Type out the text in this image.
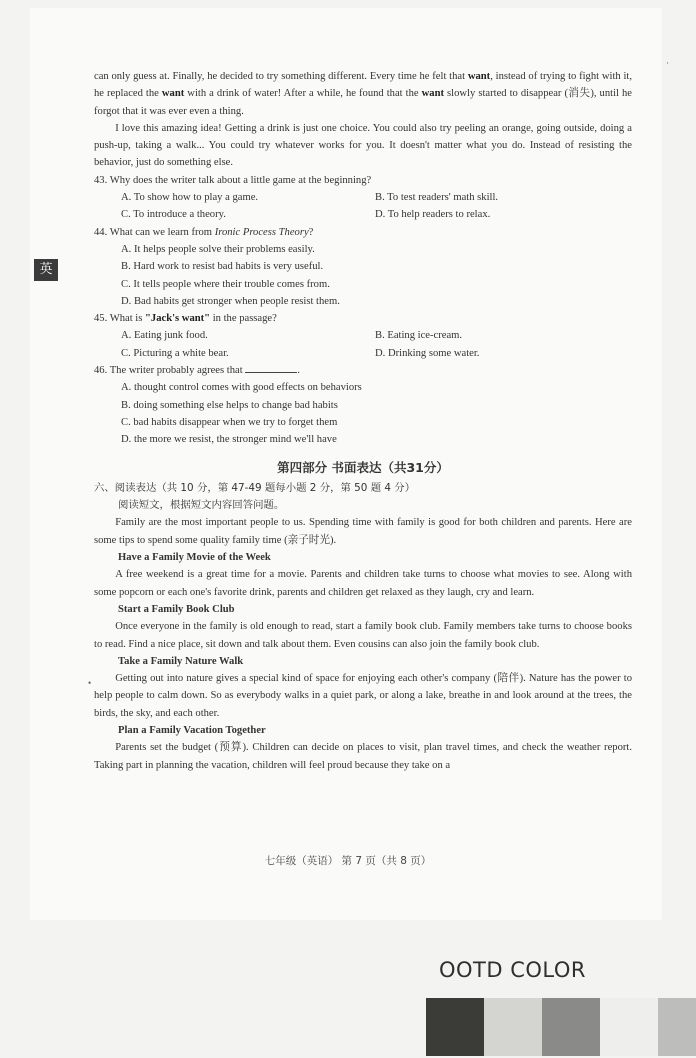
英
·
•

can only guess at. Finally, he decided to try something different. Every time he felt that want, instead of trying to fight with it, he replaced the want with a drink of water! After a while, he found that the want slowly started to disappear (消失), until he forgot that it was ever even a thing.

I love this amazing idea! Getting a drink is just one choice. You could also try peeling an orange, going outside, doing a push-up, taking a walk... You could try whatever works for you. It doesn't matter what you do. Instead of resisting the behavior, just do something else.

43. Why does the writer talk about a little game at the beginning?

A. To show how to play a game.	B. To test readers' math skill.

C. To introduce a theory.	D. To help readers to relax.

44. What can we learn from Ironic Process Theory?

A. It helps people solve their problems easily.

B. Hard work to resist bad habits is very useful.

C. It tells people where their trouble comes from.

D. Bad habits get stronger when people resist them.

45. What is "Jack's want" in the passage?

A. Eating junk food.	B. Eating ice-cream.

C. Picturing a white bear.	D. Drinking some water.

46. The writer probably agrees that	.

A. thought control comes with good effects on behaviors

B. doing something else helps to change bad habits

C. bad habits disappear when we try to forget them

D. the more we resist, the stronger mind we'll have

第四部分 书面表达（共31分）

六、阅读表达（共 10 分，第 47-49 题每小题 2 分，第 50 题 4 分）

阅读短文，根据短文内容回答问题。

Family are the most important people to us. Spending time with family is good for both children and parents. Here are some tips to spend some quality family time (亲子时光).

Have a Family Movie of the Week

A free weekend is a great time for a movie. Parents and children take turns to choose what movies to see. Along with some popcorn or each one's favorite drink, parents and children get relaxed as they laugh, cry and learn.

Start a Family Book Club

Once everyone in the family is old enough to read, start a family book club. Family members take turns to choose books to read. Find a nice place, sit down and talk about them. Even cousins can also join the family book club.

Take a Family Nature Walk

Getting out into nature gives a special kind of space for enjoying each other's company (陪伴). Nature has the power to help people to calm down. So as everybody walks in a quiet park, or along a lake, breathe in and look around at the trees, the birds, the sky, and each other.

Plan a Family Vacation Together

Parents set the budget (预算). Children can decide on places to visit, plan travel times, and check the weather report. Taking part in planning the vacation, children will feel proud because they take on a

七年级（英语） 第 7 页（共 8 页）
OOTD COLOR
